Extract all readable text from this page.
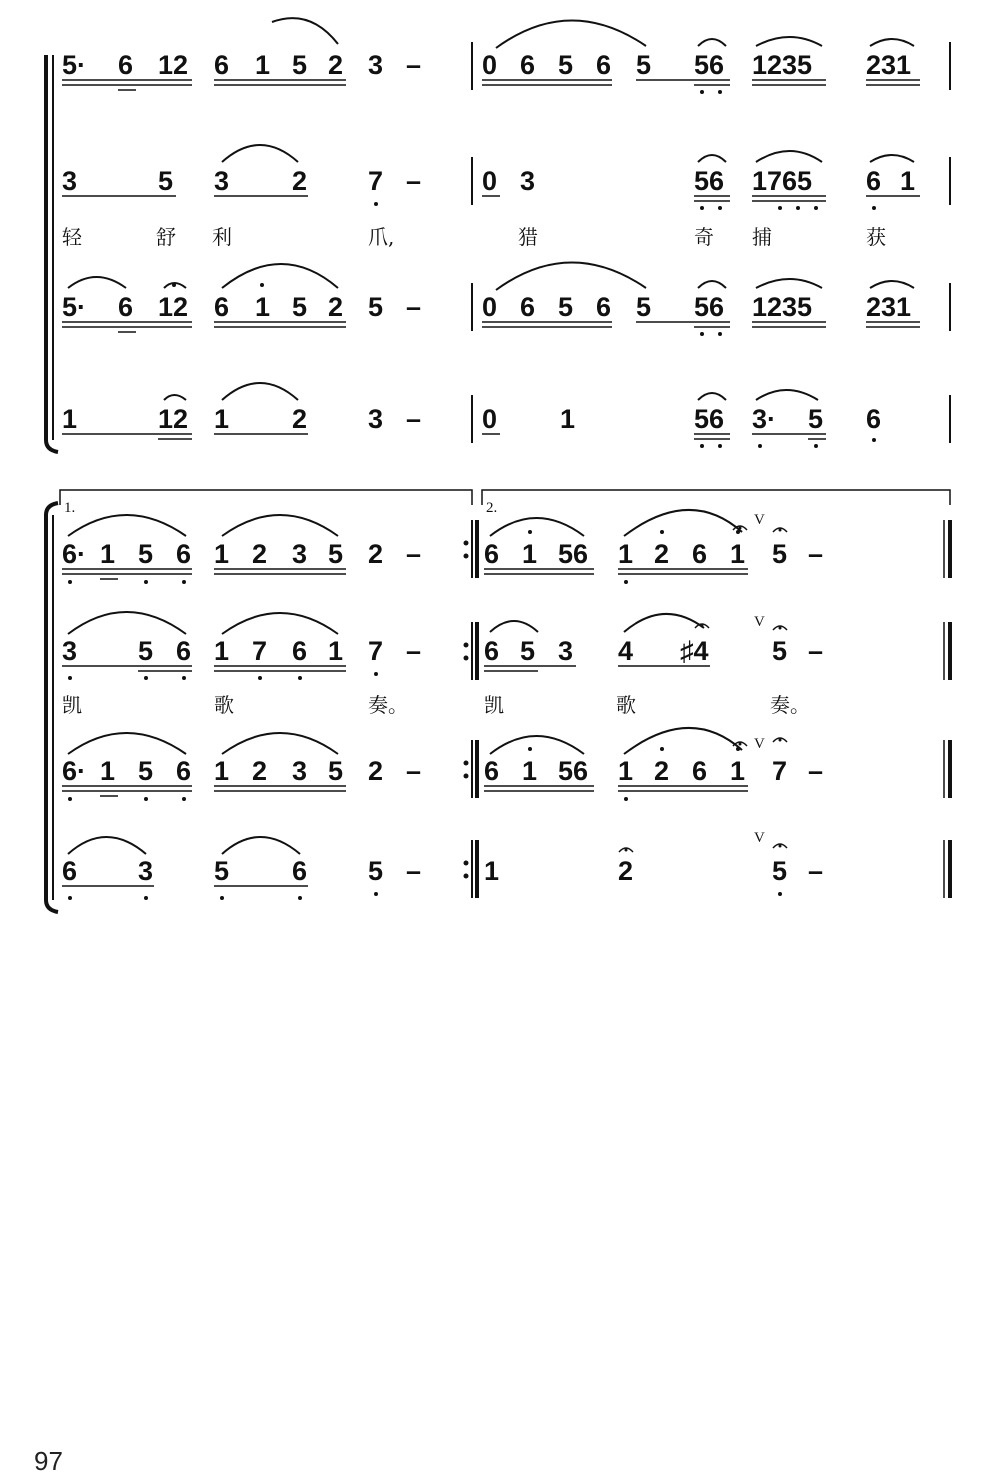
5· 6 12 6 1 5 2 3 – 0 6 5 6 5 56 1235 231
3	5 3 2 7 – 0 3	56 1765 6 1
轻	舒 利	爪,	猎	奇 捕	获
5· 6 12 6 1 5 2 5 – 0 6 5 6 5 56 1235 231
1	12 1 2 3 – 0 1	56 3· 5 6
1.	2.
6· 1 5 6 1 2 3 5 2 – 6 1 56 1 2 6 1 5 –
V
3 5 6 1 7 6 1 7 – 6 5 3 4 ♯4 5 –
V
凯	歌	奏。	凯	歌	奏。
6· 1 5 6 1 2 3 5 2 – 6 1 56 1 2 6 1 7 –
V
6 3 5 6 5 – 1	2	5 –
V
97
